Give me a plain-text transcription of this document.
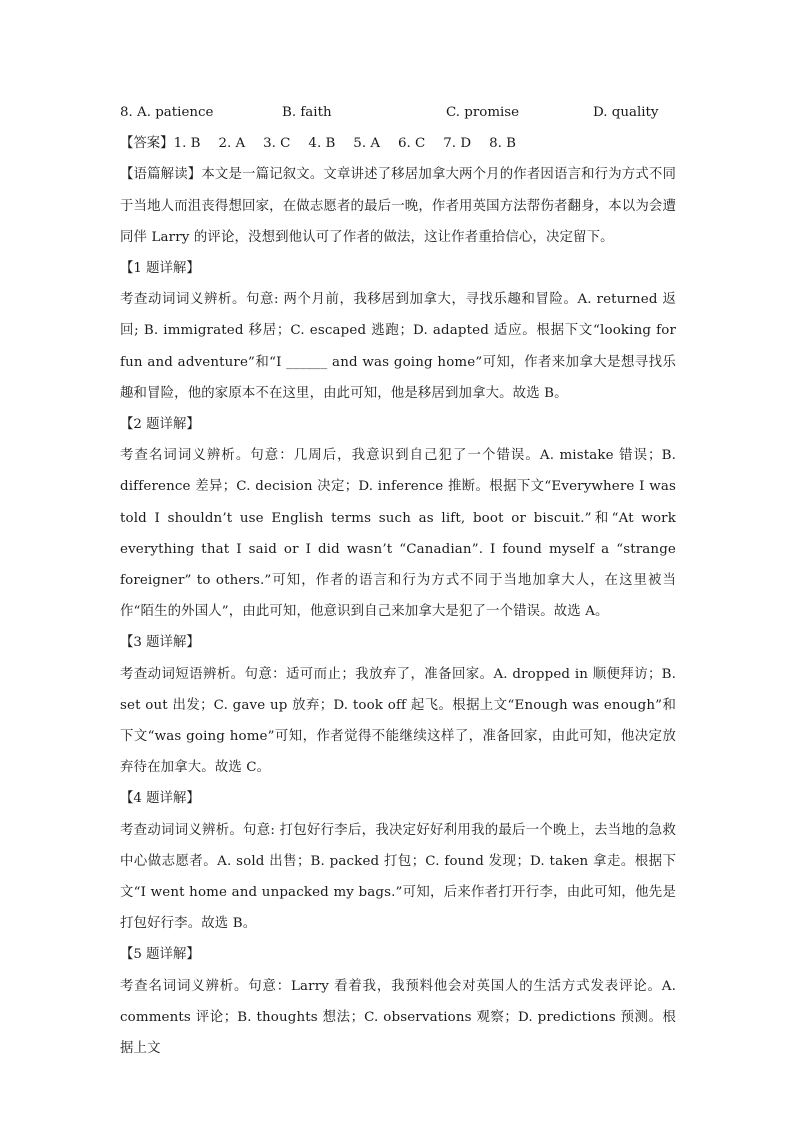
8. A. patience	B. faith	C. promise	D. quality
【答案】1. B 2. A 3. C 4. B 5. A 6. C 7. D 8. B
【语篇解读】本文是一篇记叙文。文章讲述了移居加拿大两个月的作者因语言和行为方式不同于当地人而沮丧得想回家，在做志愿者的最后一晚，作者用英国方法帮伤者翻身，本以为会遭同伴 Larry 的评论，没想到他认可了作者的做法，这让作者重拾信心，决定留下。
【1 题详解】
考查动词词义辨析。句意: 两个月前，我移居到加拿大，寻找乐趣和冒险。A. returned 返回; B. immigrated 移居；C. escaped 逃跑；D. adapted 适应。根据下文“looking for fun and adventure”和“I ______ and was going home”可知，作者来加拿大是想寻找乐趣和冒险，他的家原本不在这里，由此可知，他是移居到加拿大。故选 B。
【2 题详解】
考查名词词义辨析。句意：几周后，我意识到自己犯了一个错误。A. mistake 错误；B. difference 差异；C. decision 决定；D. inference 推断。根据下文“Everywhere I was told I shouldn’t use English terms such as lift, boot or biscuit.”和“At work everything that I said or I did wasn’t “Canadian”. I found myself a “strange foreigner” to others.”可知，作者的语言和行为方式不同于当地加拿大人，在这里被当作“陌生的外国人”，由此可知，他意识到自己来加拿大是犯了一个错误。故选 A。
【3 题详解】
考查动词短语辨析。句意：适可而止；我放弃了，准备回家。A. dropped in 顺便拜访；B. set out 出发；C. gave up 放弃；D. took off 起飞。根据上文“Enough was enough”和下文“was going home”可知，作者觉得不能继续这样了，准备回家，由此可知，他决定放弃待在加拿大。故选 C。
【4 题详解】
考查动词词义辨析。句意: 打包好行李后，我决定好好利用我的最后一个晚上，去当地的急救中心做志愿者。A. sold 出售；B. packed 打包；C. found 发现；D. taken 拿走。根据下文“I went home and unpacked my bags.”可知，后来作者打开行李，由此可知，他先是打包好行李。故选 B。
【5 题详解】
考查名词词义辨析。句意：Larry 看着我，我预料他会对英国人的生活方式发表评论。A. comments 评论；B. thoughts 想法；C. observations 观察；D. predictions 预测。根据上文
